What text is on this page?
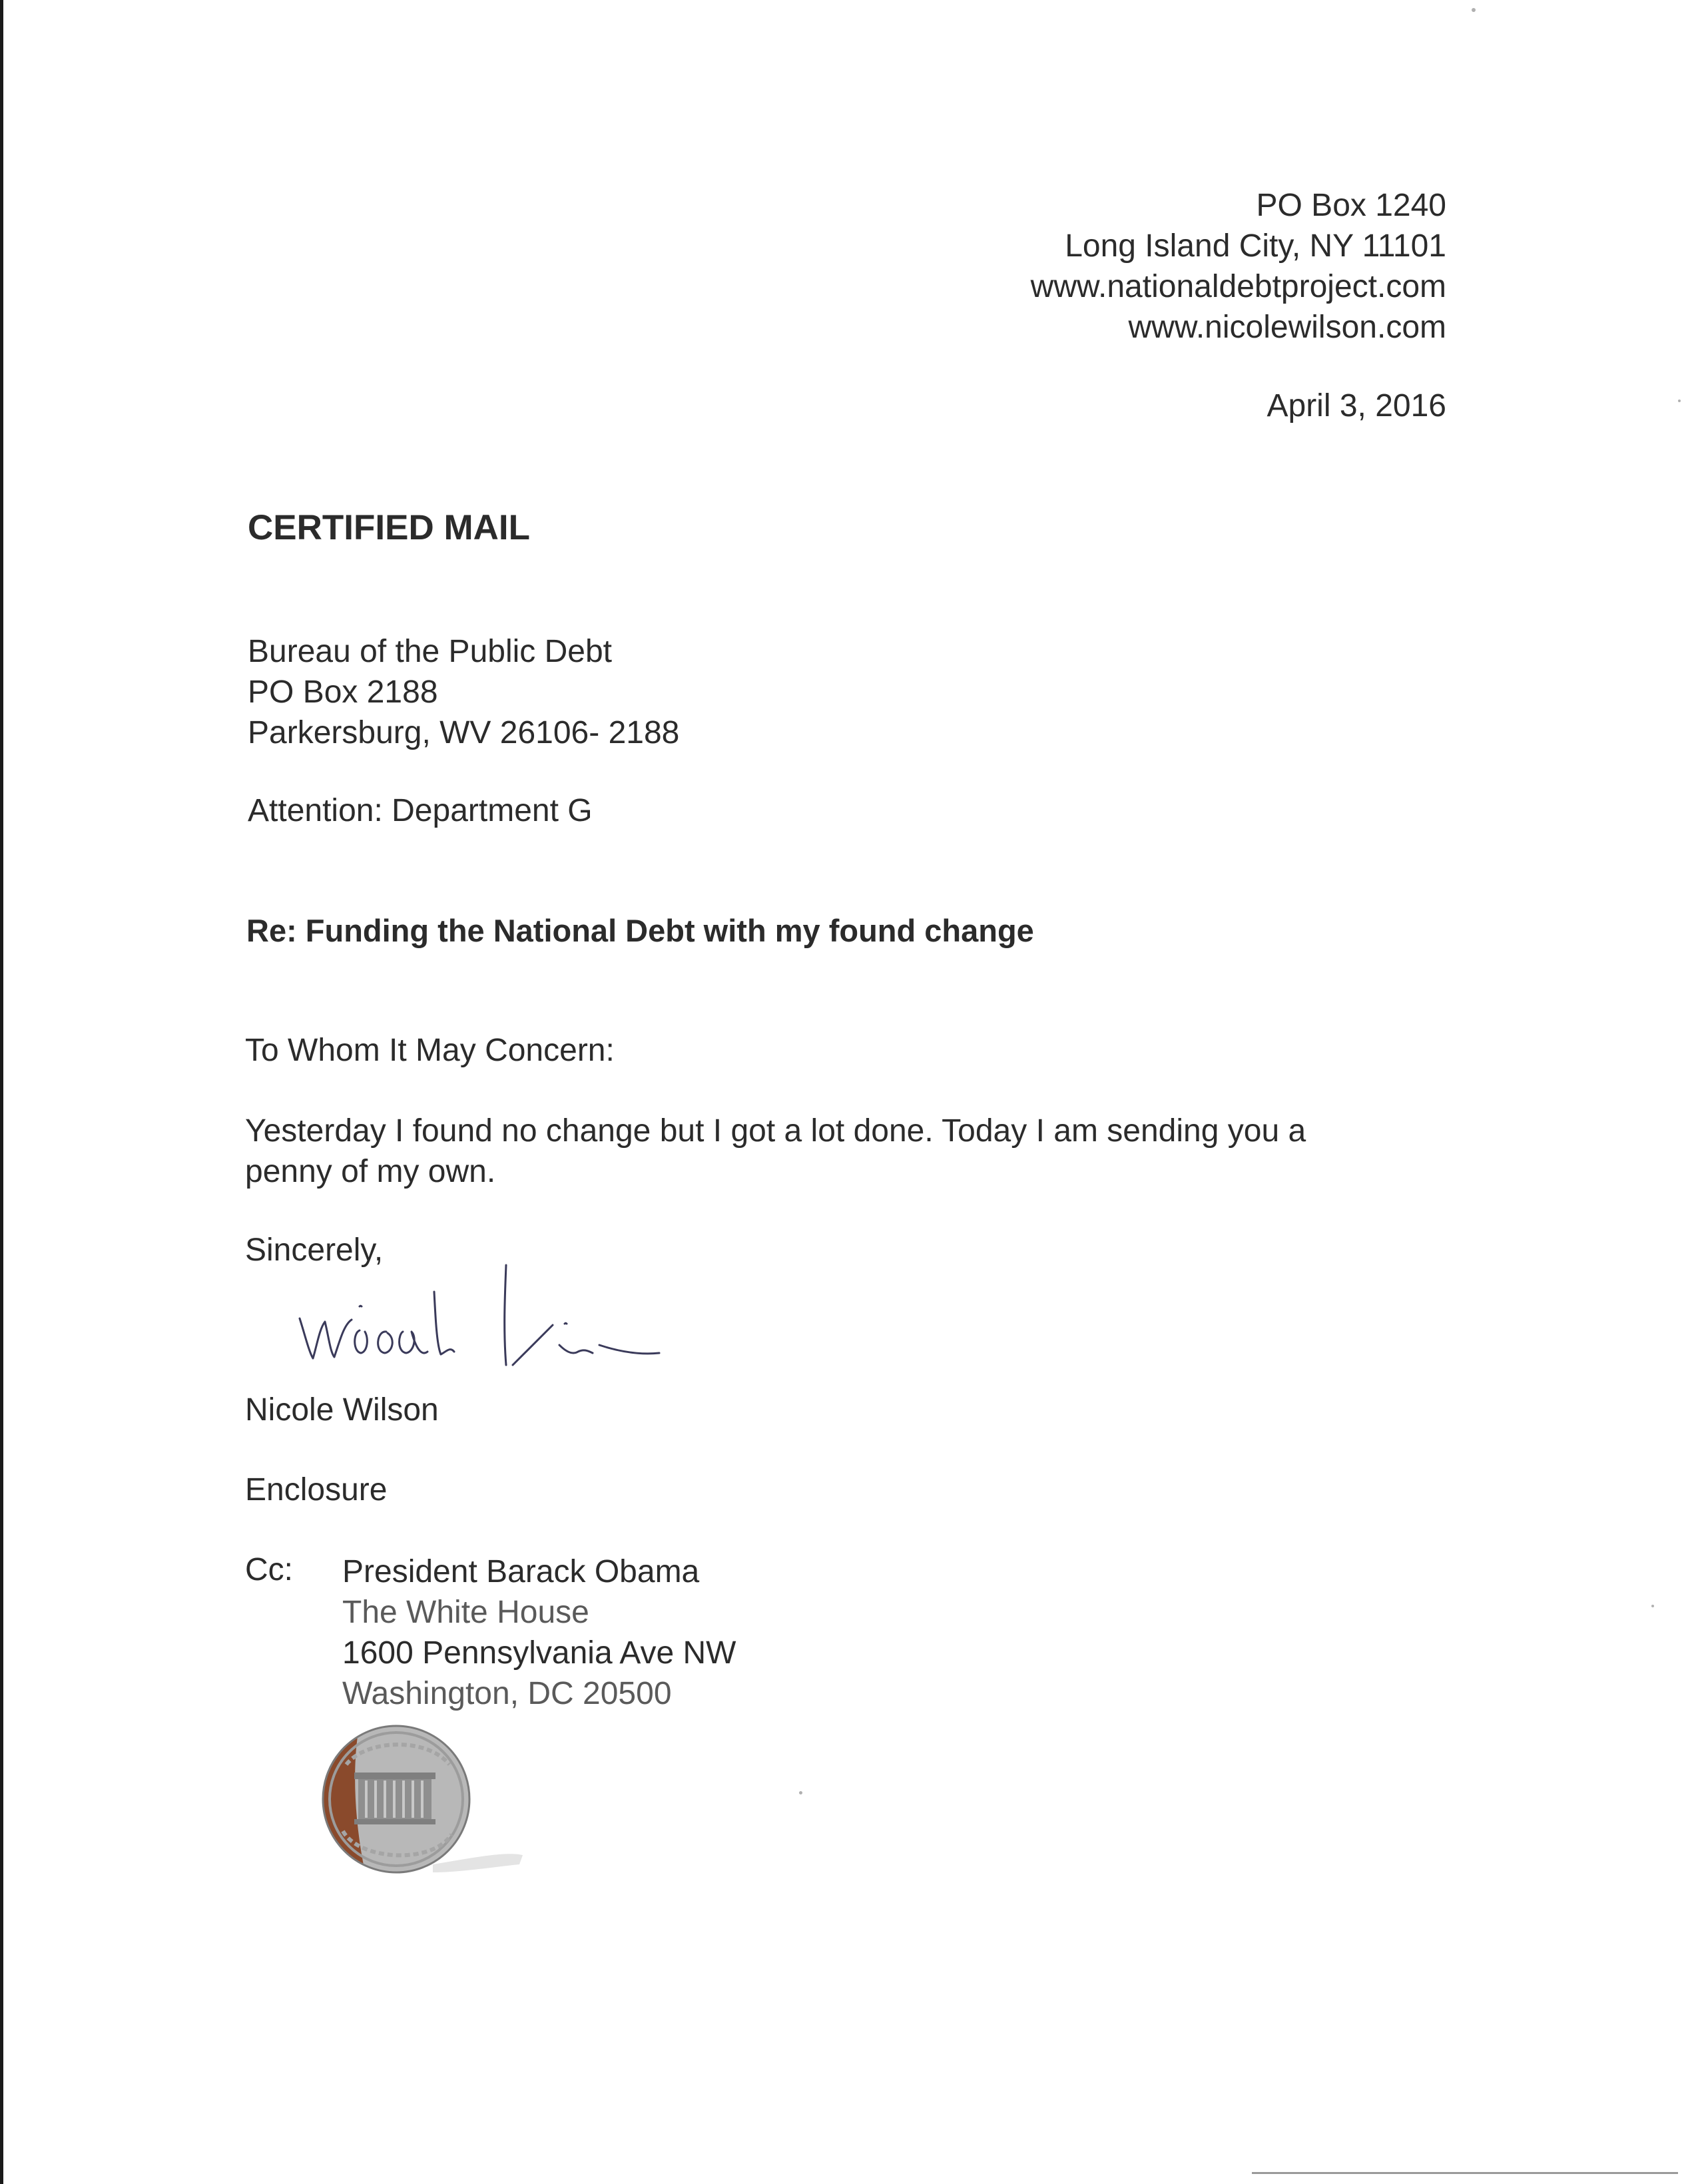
PO Box 1240
Long Island City, NY 11101
www.nationaldebtproject.com
www.nicolewilson.com
April 3, 2016
CERTIFIED MAIL
Bureau of the Public Debt
PO Box 2188
Parkersburg, WV 26106- 2188
Attention: Department G
Re: Funding the National Debt with my found change
To Whom It May Concern:
Yesterday I found no change but I got a lot done. Today I am sending you a
penny of my own.
Sincerely,
Nicole Wilson
Enclosure
Cc: President Barack Obama
The White House
1600 Pennsylvania Ave NW
Washington, DC 20500
